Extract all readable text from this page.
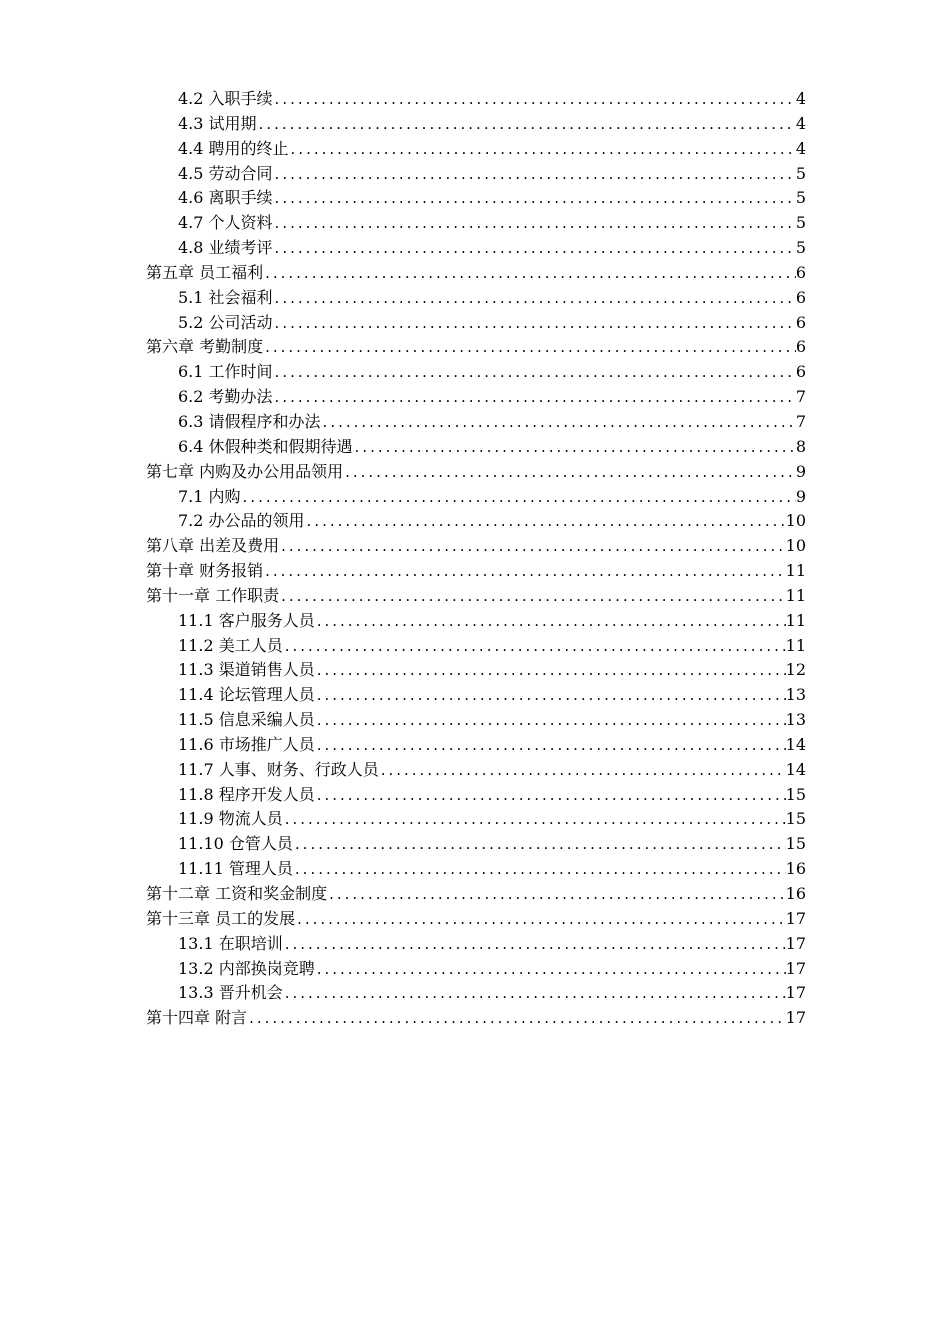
4.2 入职手续 .....	4
4.3 试用期 .....	4
4.4 聘用的终止 .....	4
4.5 劳动合同 .....	5
4.6 离职手续 .....	5
4.7 个人资料 .....	5
4.8 业绩考评 .....	5
第五章 员工福利 .....	6
5.1 社会福利 .....	6
5.2 公司活动 .....	6
第六章 考勤制度 .....	6
6.1 工作时间 .....	6
6.2 考勤办法 .....	7
6.3 请假程序和办法 .....	7
6.4 休假种类和假期待遇 .....	8
第七章 内购及办公用品领用 .....	9
7.1 内购 .....	9
7.2 办公品的领用 .....	10
第八章 出差及费用 .....	10
第十章 财务报销 .....	11
第十一章 工作职责 .....	11
11.1 客户服务人员 .....	11
11.2 美工人员 .....	11
11.3 渠道销售人员 .....	12
11.4 论坛管理人员 .....	13
11.5 信息采编人员 .....	13
11.6 市场推广人员 .....	14
11.7 人事、财务、行政人员 .....	14
11.8 程序开发人员 .....	15
11.9 物流人员 .....	15
11.10 仓管人员 .....	15
11.11 管理人员 .....	16
第十二章 工资和奖金制度 .....	16
第十三章 员工的发展 .....	17
13.1 在职培训 .....	17
13.2 内部换岗竞聘 .....	17
13.3 晋升机会 .....	17
第十四章 附言 .....	17
